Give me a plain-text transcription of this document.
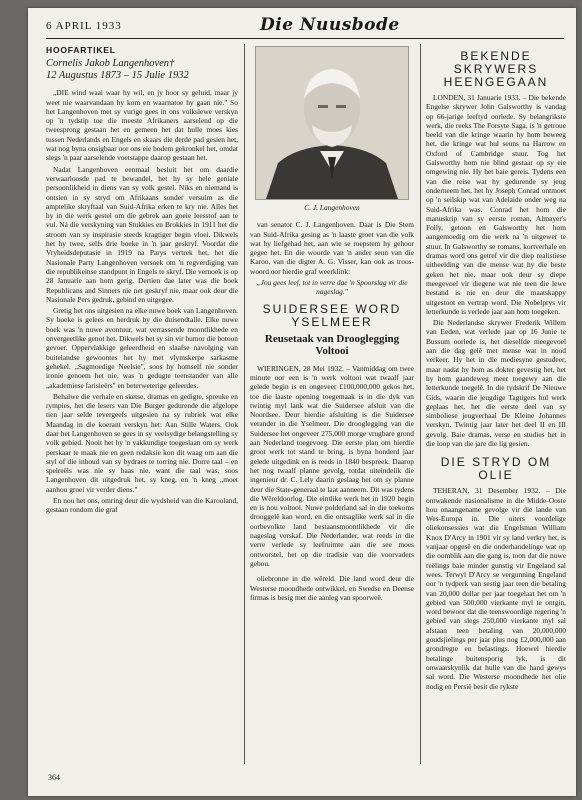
6 APRIL 1933	Die Nuusbode
HOOFARTIKEL
Cornelis Jakob Langenhoven†
12 Augustus 1873 – 15 Julie 1932

„DIE wind waai waar hy wil, en jy hoor sy geluid, maar jy weet nie waarvandaan hy kom en waarnatoe hy gaan nie." So het Langenhoven met sy vurige gees in ons volkslewe verskyn op 'n tydstip toe die meeste Afrikaners aarselend op die tweesprong gestaan het en gemeen het dat hulle moes kies tussen Nederlands en Engels en skaars die derde pad gesien het, wat nog byna onsigbaar oor ons eie bodem gekronkel het, omdat slegs 'n paar aarselende voetstappe daarop gestaan het.

Nadat Langenhoven eenmaal besluit het om daardie verwaarloosde pad te bewandel, het hy sy hele geniale persoonlikheid in diens van sy volk gestel. Niks en niemand is ontsien in sy stryd om Afrikaans sonder versuim as die amptelike skryftaal van Suid-Afrika erken te kry nie. Alles het hy in die werk gestel om die gebrek aan goeie leesstof aan te vul. Ná die verskyning van Stukkies en Brokkies in 1911 het die stroom van sy inspirasie steeds kragtiger begin vloei. Dikwels het hy twee, selfs drie boeke in 'n jaar geskryf. Voordat die Vryheidsdeputasie in 1919 na Parys vertrek het, het die Nasionale Party Langenhoven versoek om 'n regverdiging van die republikeinse standpunt in Engels te skryf. Die vernoek is op 28 Januarie aan hom gerig. Dertien dae later was die boek Republicans and Sinners nie net geskryf nie, maar ook deur die Nasionale Pers gedruk, gebind en uitgegee.

Gretig het ons uitgesien na elke nuwe boek van Langenhoven. Sy boeke is gelees en herdruk by die duisendtalle. Elke nuwe boek was 'n nuwe avontuur, wat verrassende moontlikhede en onvergeetlike genot het. Dikwels het sy sin vir humor die botoon gevoer. Oppervlakkige geleerdheid en slaafse navolging van buitelandse gewoontes het hy met vlymskerpe sarkasme gehekel. „Sagmoedige Neelsie", soos hy homself nie sonder ironie genoem het nie, was 'n gedugte teenstander van alle „akademiese farisieërs" en beterweterige geleerdes.

Behalwe die verhale en sketse, dramas en gedigte, spreuke en rympies, het die lesers van Die Burger gedurende die afgelope tien jaar selde tevergeefs uitgesien na sy rubriek wat elke Maandag in die koerant verskyn het: Aan Stille Waters. Ook daar het Langenhoven se gees in sy veelsydige belangstelling sy volk gebied. Nooit het hy 'n vakkundige toegeslaan om sy werk perskaar te maak nie en geen redaksie kon dit waag om aan die styl of die inhoud van sy bydraes te torring nie. Dorre taal – en spelreëls was nie sy baas nie, want die taal was, soos Langenhoven dit uitgedruk het, sy kneg, en 'n kneg „moet aanhou groei vir verder diens."

En nou het ons, omring deur die wydsheid van die Karooland, gestaan rondom die graf

C. J. Langenhoven

van senator C. J. Langenhoven. Daar is Die Stem van Suid-Afrika gesing as 'n laaste groet van die volk wat hy liefgehad het, aan wie se roepstem hy gehoor gegee het. En die woorde van 'n ander seun van die Karoo, van die digter A. G. Visser, kan ook as troos-woord oor hierdie graf weerklink:

„Jou gees leef, tot in verre dae 'n Spoorslag vir die nageslag."

SUIDERSEE WORD YSELMEER
Reusetaak van Drooglegging Voltooi

WIERINGEN, 28 Mei 1932. – Vanmiddag om twee minute oor een is 'n werk voltooi wat twaalf jaar gelede begin is en ongeveer £100,000,000 gekos het, toe die laaste opening toegemaak is in die dyk van twintig myl lank wat die Suidersee afsluit van die Noordsee. Deur hierdie afsluiting is die Suidersee verander in die Yselmeer. Die drooglegging van die Suidersee het ongeveer 275,000 morge vrugbare grond aan Nederland toegevoeg. Die eerste plan om hierdie groot werk tot stand te bring, is byna honderd jaar gelede uitgedink en is reeds in 1840 bespreek. Daarop het nog twaalf planne gevolg, totdat uiteindelik die ingenieur dr. C. Lely daarin geslaag het om sy planne deur die State-generaal te laat aanneem. Dit was tydens die Wêreldoorlog. Die eintlike werk het in 1920 begin en is nou voltooi. Nuwe polderland sal in die toekoms drooggelê kan word, en die ontsaglike werk sal in die oorbevolkte land bestaansmoontlikhede vir die nageslag verskaf. Die Nederlander, wat reeds in die verre verlede sy leefruimte aan die see moes ontworstel, het op die tradisie van die voorvaders gebou.

oliebronne in die wêreld. Die land word deur die Westerse moondhede ontwikkel, en Swedse en Deense firmas is besig met die aanleg van spoorweë.

BEKENDE SKRYWERS HEENGEGAAN

LONDEN, 31 Januarie 1933. – Die bekende Engelse skrywer John Galsworthy is vandag op 66-jarige leeftyd oorlede. Sy belangrikste werk, die reeks The Forsyte Saga, is 'n getroue beeld van die kringe waarin hy hom beweeg het, die kringe wat hul seuns na Harrow en Oxford of Cambridge stuur. Tog het Galsworthy hom nie blind gestaar op sy eie omgewing nie. Hy het baie gereis. Tydens een van die reise wat hy gedurende sy jeug onderneem het, het hy Joseph Conrad ontmoet op 'n seilskip wat van Adelaide onder weg na Suid-Afrika was. Conrad het hom die manuskrip van sy eerste roman, Almayer's Folly, getoon en Galsworthy het hom aangemoedig om die werk na 'n uitgewer te stuur. In Galsworthy se romans, kortverhale en dramas word ons getref vir die diep realistiese uitbeelding van die mense wat hy die beste geken het nie, maar ook deur sy diepe meegevoel vir diegene wat nie teen die lewe bestand is nie en deur die maatskappy uitgestoot en vertrap word. Die Nobelprys vir letterkunde is verlede jaar aan hom toegeken.

Die Nederlandse skrywer Frederik Willem van Eeden, wat verlede jaar op 16 Junie te Bussum oorlede is, het dieselfde meegevoel aan die dag gelê met mense wat in nood verkeer. Hy het in die mediesyne gestudeer, maar nadat hy hom as dokter gevestig het, het hy hom gaandeweg meer toegewy aan die letterkunde toegelê. In die tydskrif De Nieuwe Gids, waarin die jeugdige Tagtigers hul werk geplaas het, het die eerste deel van sy simboliese jeugverhaal De Kleine Johannes verskyn. Twintig jaar later het deel II en III gevolg. Baie dramas, verse en studies het in die loop van die jare die lig gesien.

DIE STRYD OM OLIE

TEHERAN, 31 Desember 1932. – Die ontwakende nasionalisme in die Midde-Ooste hou onaangename gevolge vir die lande van Wes-Europa in. Die uiters voordelige oliekonsessies wat die Engelsman William Knox D'Arcy in 1901 vir sy land verkry het, is vanjaar opgesê en die onderhandelinge wat op die oomblik aan die gang is, toon dat die nuwe reëlings baie minder gunstig vir Engeland sal wees. Terwyl D'Arcy se vergunning Engeland oor 'n tydperk van sestig jaar teen die betaling van 20,000 dollar per jaar toegelaat het om 'n gebied van 500,000 vierkante myl te ontgin, word bewoor dat die teenswoordige regering 'n gebied van slegs 250,000 vierkante myl sal afstaan teen betaling van 20,000,000 goudsjielings per jaar plus nog £2,000,000 aan grondregte en belastings. Hoewel hierdie betalinge buitensporig lyk, is dit onwaarskynlik dat hulle van die hand gewys sal word. Die Westerse moondhede het olie nodig en Persië besit die rykste

364
